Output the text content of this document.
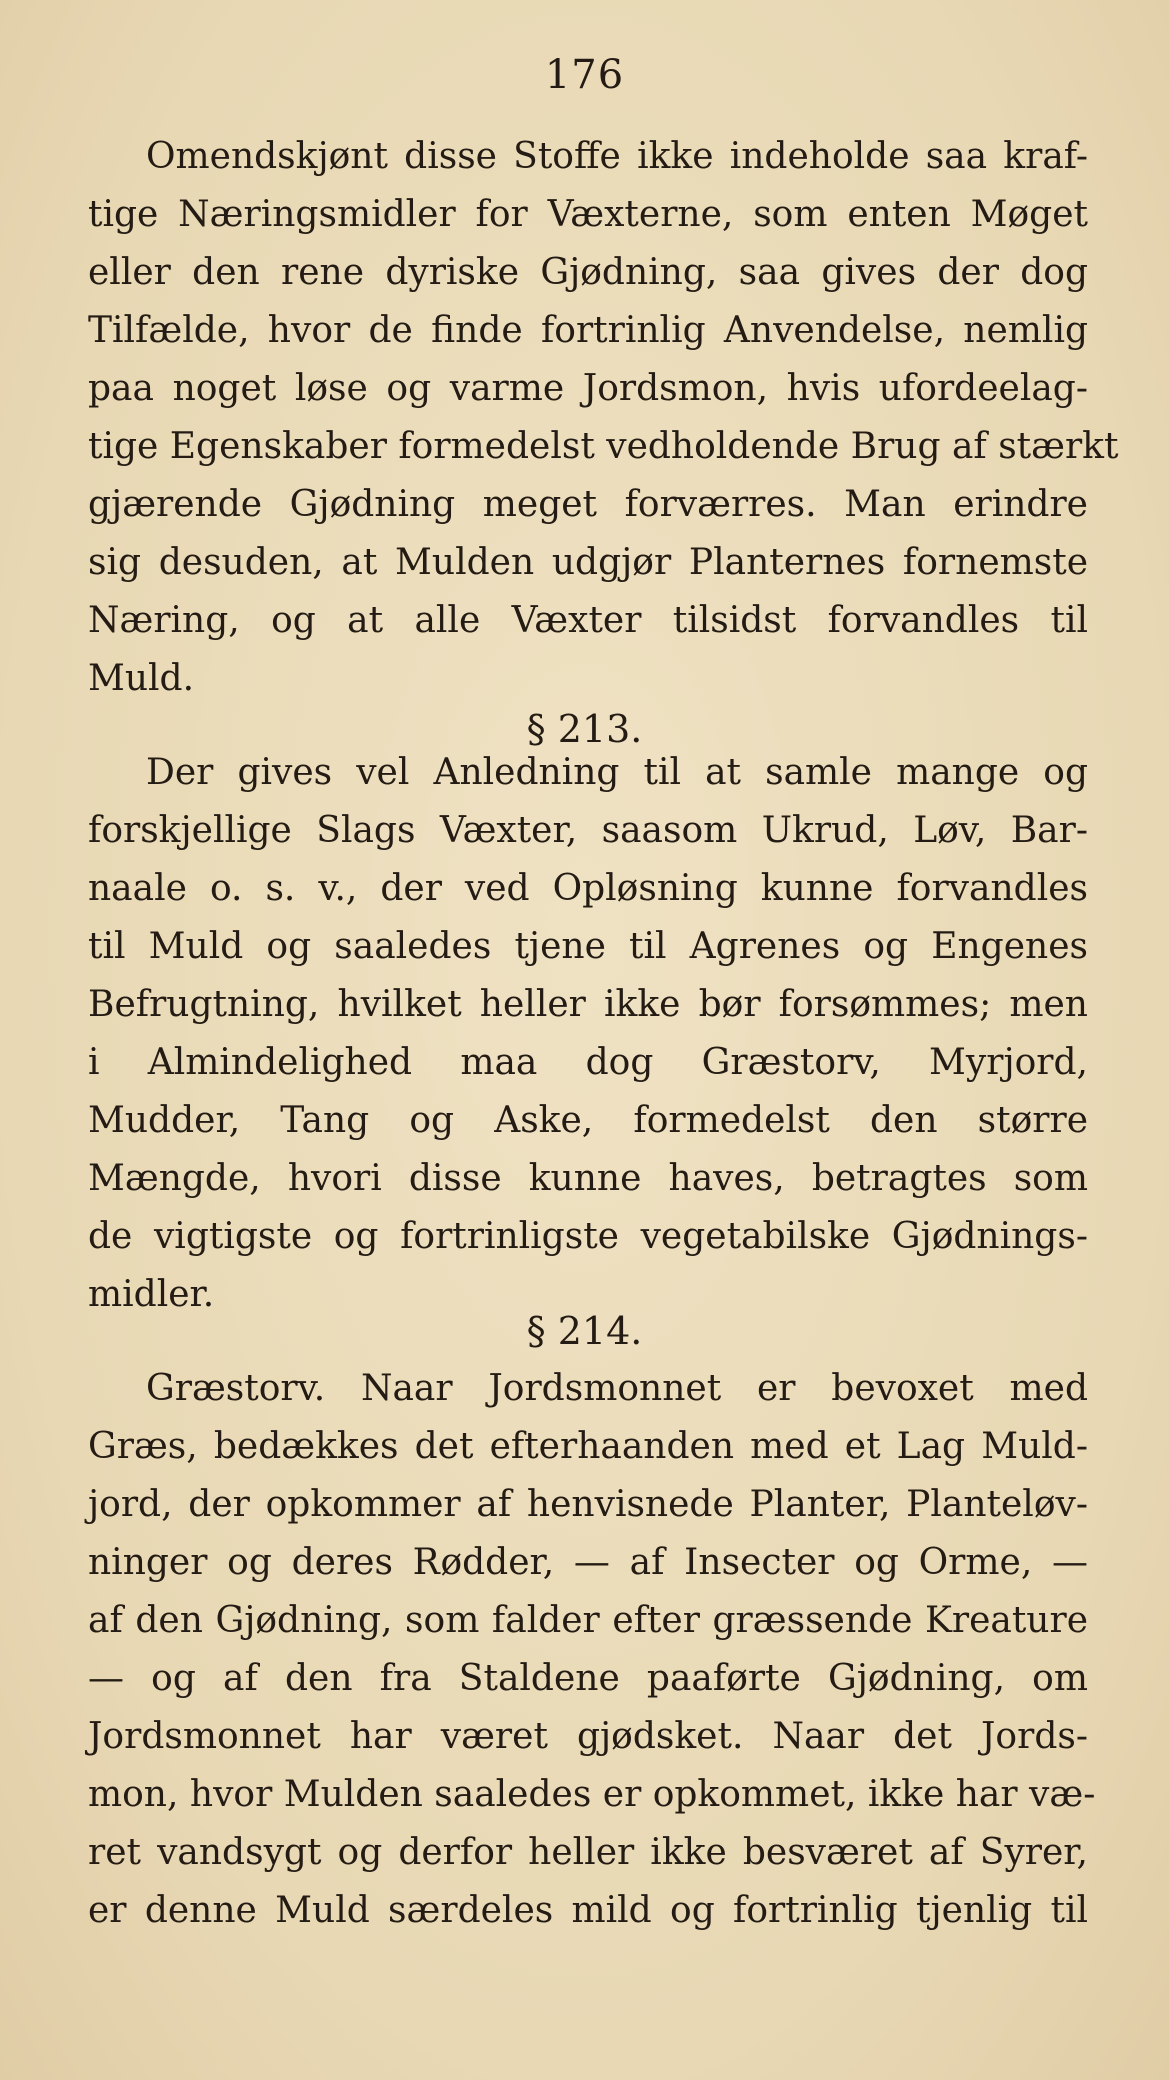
176
Omendskjønt disse Stoffe ikke indeholde saa kraf-
tige Næringsmidler for Væxterne, som enten Møget
eller den rene dyriske Gjødning, saa gives der dog
Tilfælde, hvor de finde fortrinlig Anvendelse, nemlig
paa noget løse og varme Jordsmon, hvis ufordeelag-
tige Egenskaber formedelst vedholdende Brug af stærkt
gjærende Gjødning meget forværres. Man erindre
sig desuden, at Mulden udgjør Planternes fornemste
Næring, og at alle Væxter tilsidst forvandles til
Muld.
§ 213.
Der gives vel Anledning til at samle mange og
forskjellige Slags Væxter, saasom Ukrud, Løv, Bar-
naale o. s. v., der ved Opløsning kunne forvandles
til Muld og saaledes tjene til Agrenes og Engenes
Befrugtning, hvilket heller ikke bør forsømmes; men
i Almindelighed maa dog Græstorv, Myrjord,
Mudder, Tang og Aske, formedelst den større
Mængde, hvori disse kunne haves, betragtes som
de vigtigste og fortrinligste vegetabilske Gjødnings-
midler.
§ 214.
Græstorv. Naar Jordsmonnet er bevoxet med
Græs, bedækkes det efterhaanden med et Lag Muld-
jord, der opkommer af henvisnede Planter, Planteløv-
ninger og deres Rødder, — af Insecter og Orme, —
af den Gjødning, som falder efter græssende Kreature
— og af den fra Staldene paaførte Gjødning, om
Jordsmonnet har været gjødsket. Naar det Jords-
mon, hvor Mulden saaledes er opkommet, ikke har væ-
ret vandsygt og derfor heller ikke besværet af Syrer,
er denne Muld særdeles mild og fortrinlig tjenlig til
